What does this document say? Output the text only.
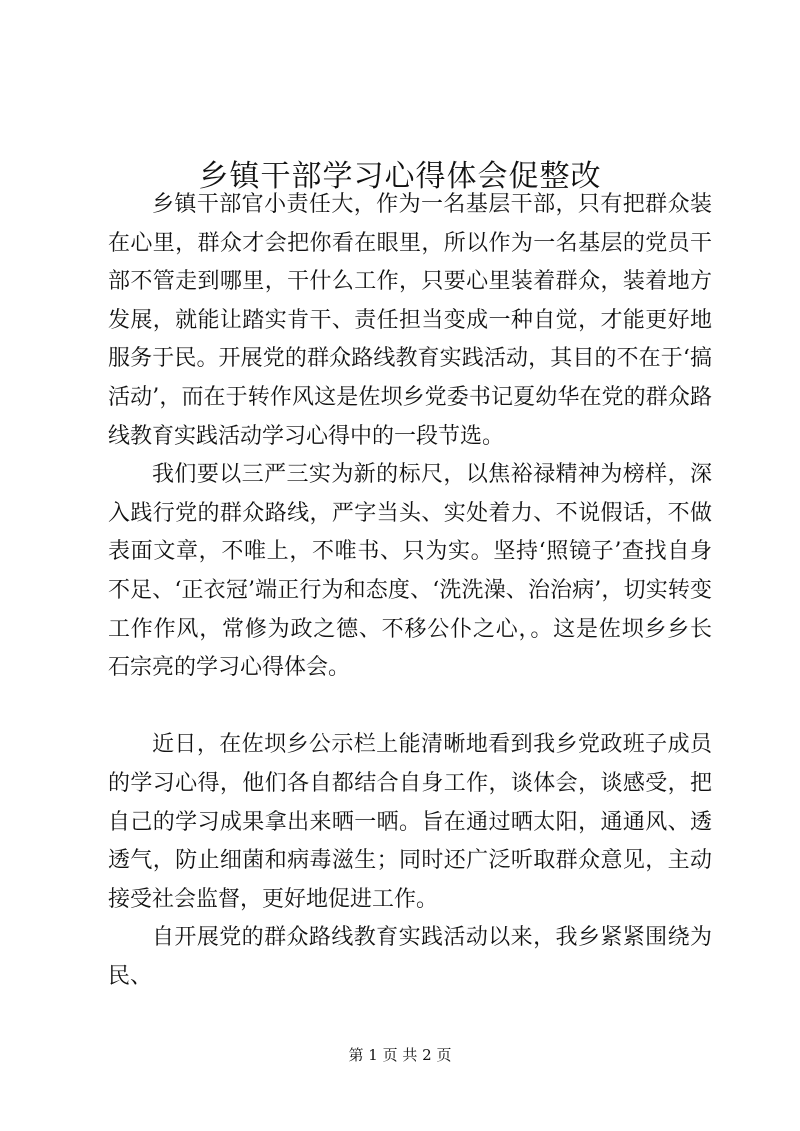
乡镇干部学习心得体会促整改

乡镇干部官小责任大，作为一名基层干部，只有把群众装在心里，群众才会把你看在眼里，所以作为一名基层的党员干部不管走到哪里，干什么工作，只要心里装着群众，装着地方发展，就能让踏实肯干、责任担当变成一种自觉，才能更好地服务于民。开展党的群众路线教育实践活动，其目的不在于‘搞活动’，而在于转作风这是佐坝乡党委书记夏幼华在党的群众路线教育实践活动学习心得中的一段节选。

我们要以三严三实为新的标尺，以焦裕禄精神为榜样，深入践行党的群众路线，严字当头、实处着力、不说假话，不做表面文章，不唯上，不唯书、只为实。坚持‘照镜子’查找自身不足、‘正衣冠’端正行为和态度、‘洗洗澡、治治病’，切实转变工作作风，常修为政之德、不移公仆之心，。这是佐坝乡乡长石宗亮的学习心得体会。

近日，在佐坝乡公示栏上能清晰地看到我乡党政班子成员的学习心得，他们各自都结合自身工作，谈体会，谈感受，把自己的学习成果拿出来晒一晒。旨在通过晒太阳，通通风、透透气，防止细菌和病毒滋生；同时还广泛听取群众意见，主动接受社会监督，更好地促进工作。

自开展党的群众路线教育实践活动以来，我乡紧紧围绕为民、

第 1 页 共 2 页
